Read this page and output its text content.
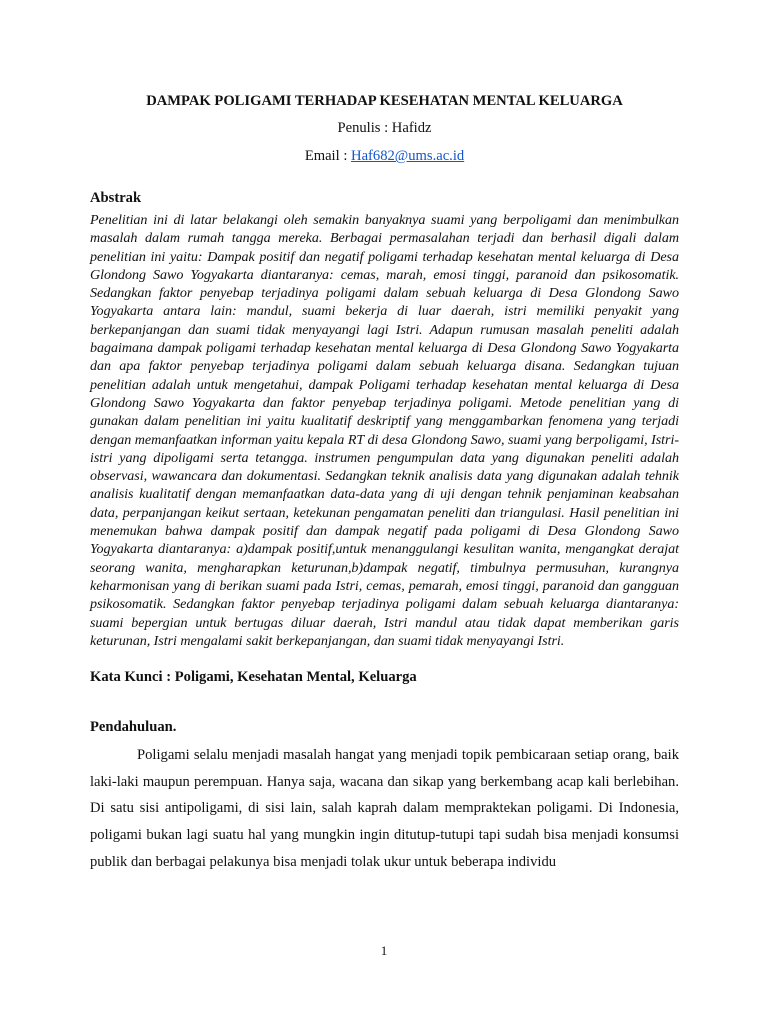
DAMPAK POLIGAMI TERHADAP KESEHATAN MENTAL KELUARGA
Penulis : Hafidz
Email : Haf682@ums.ac.id
Abstrak

Penelitian ini di latar belakangi oleh semakin banyaknya suami yang berpoligami dan menimbulkan masalah dalam rumah tangga mereka. Berbagai permasalahan terjadi dan berhasil digali dalam penelitian ini yaitu: Dampak positif dan negatif poligami terhadap kesehatan mental keluarga di Desa Glondong Sawo Yogyakarta diantaranya: cemas, marah, emosi tinggi, paranoid dan psikosomatik. Sedangkan faktor penyebap terjadinya poligami dalam sebuah keluarga di Desa Glondong Sawo Yogyakarta antara lain: mandul, suami bekerja di luar daerah, istri memiliki penyakit yang berkepanjangan dan suami tidak menyayangi lagi Istri. Adapun rumusan masalah peneliti adalah bagaimana dampak poligami terhadap kesehatan mental keluarga di Desa Glondong Sawo Yogyakarta dan apa faktor penyebap terjadinya poligami dalam sebuah keluarga disana. Sedangkan tujuan penelitian adalah untuk mengetahui, dampak Poligami terhadap kesehatan mental keluarga di Desa Glondong Sawo Yogyakarta dan faktor penyebap terjadinya poligami. Metode penelitian yang di gunakan dalam penelitian ini yaitu kualitatif deskriptif yang menggambarkan fenomena yang terjadi dengan memanfaatkan informan yaitu kepala RT di desa Glondong Sawo, suami yang berpoligami, Istri-istri yang dipoligami serta tetangga. instrumen pengumpulan data yang digunakan peneliti adalah observasi, wawancara dan dokumentasi. Sedangkan teknik analisis data yang digunakan adalah tehnik analisis kualitatif dengan memanfaatkan data-data yang di uji dengan tehnik penjaminan keabsahan data, perpanjangan keikut sertaan, ketekunan pengamatan peneliti dan triangulasi. Hasil penelitian ini menemukan bahwa dampak positif dan dampak negatif pada poligami di Desa Glondong Sawo Yogyakarta diantaranya: a)dampak positif,untuk menanggulangi kesulitan wanita, mengangkat derajat seorang wanita, mengharapkan keturunan,b)dampak negatif, timbulnya permusuhan, kurangnya keharmonisan yang di berikan suami pada Istri, cemas, pemarah, emosi tinggi, paranoid dan gangguan psikosomatik. Sedangkan faktor penyebap terjadinya poligami dalam sebuah keluarga diantaranya: suami bepergian untuk bertugas diluar daerah, Istri mandul atau tidak dapat memberikan garis keturunan, Istri mengalami sakit berkepanjangan, dan suami tidak menyayangi Istri.

Kata Kunci : Poligami, Kesehatan Mental, Keluarga
Pendahuluan.

Poligami selalu menjadi masalah hangat yang menjadi topik pembicaraan setiap orang, baik laki-laki maupun perempuan. Hanya saja, wacana dan sikap yang berkembang acap kali berlebihan. Di satu sisi antipoligami, di sisi lain, salah kaprah dalam mempraktekan poligami. Di Indonesia, poligami bukan lagi suatu hal yang mungkin ingin ditutup-tutupi tapi sudah bisa menjadi konsumsi publik dan berbagai pelakunya bisa menjadi tolak ukur untuk beberapa individu

1
